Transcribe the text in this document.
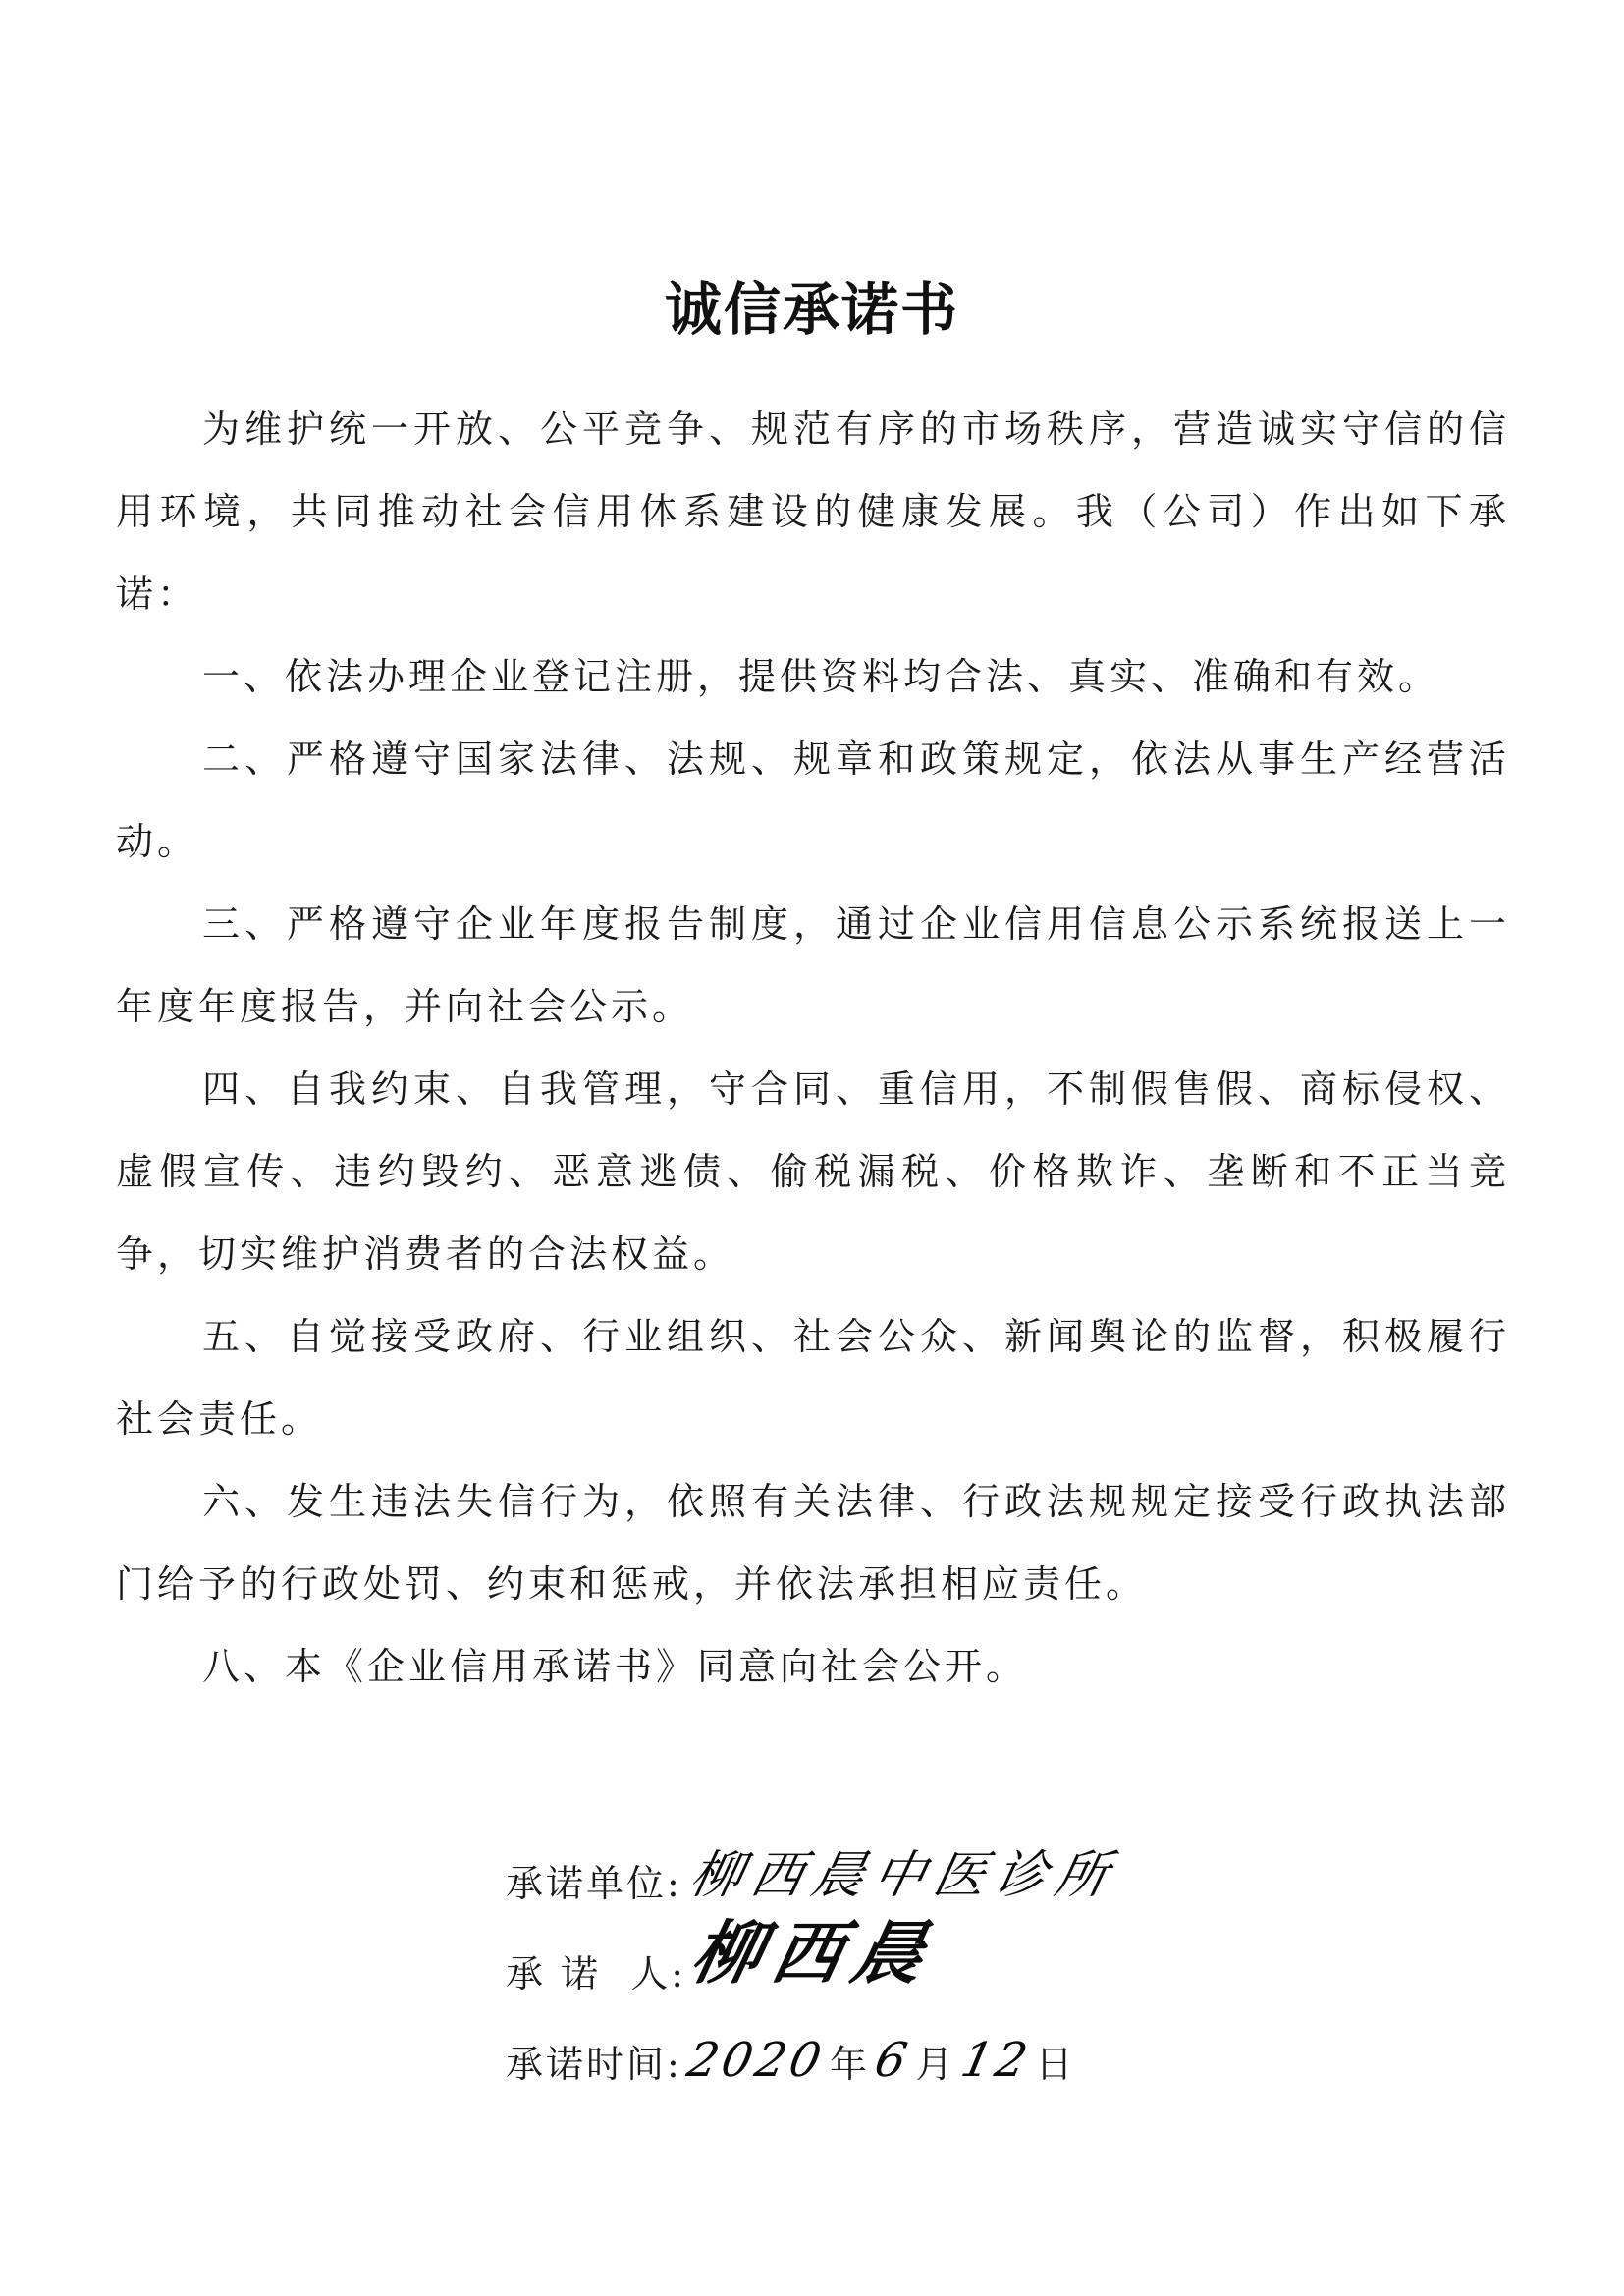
诚信承诺书

为维护统一开放、公平竞争、规范有序的市场秩序，营造诚实守信的信用环境，共同推动社会信用体系建设的健康发展。我（公司）作出如下承诺：

一、依法办理企业登记注册，提供资料均合法、真实、准确和有效。

二、严格遵守国家法律、法规、规章和政策规定，依法从事生产经营活动。

三、严格遵守企业年度报告制度，通过企业信用信息公示系统报送上一年度年度报告，并向社会公示。

四、自我约束、自我管理，守合同、重信用，不制假售假、商标侵权、虚假宣传、违约毁约、恶意逃债、偷税漏税、价格欺诈、垄断和不正当竞争，切实维护消费者的合法权益。

五、自觉接受政府、行业组织、社会公众、新闻舆论的监督，积极履行社会责任。

六、发生违法失信行为，依照有关法律、行政法规规定接受行政执法部门给予的行政处罚、约束和惩戒，并依法承担相应责任。

八、本《企业信用承诺书》同意向社会公开。

承诺单位: 柳西晨中医诊所
承 诺  人:
柳西晨
承诺时间: 2020 年 6 月 12 日
